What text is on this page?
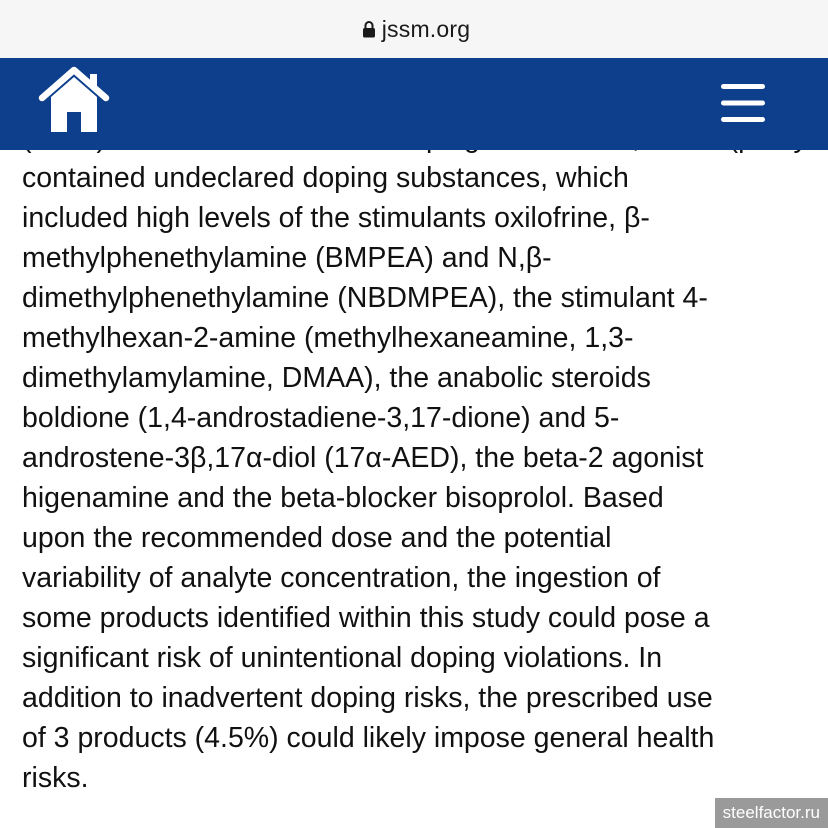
jssm.org

contained undeclared doping substances, which
included high levels of the stimulants oxilofrine, β-
methylphenethylamine (BMPEA) and N,β-
dimethylphenethylamine (NBDMPEA), the stimulant 4-
methylhexan-2-amine (methylhexaneamine, 1,3-
dimethylamylamine, DMAA), the anabolic steroids
boldione (1,4-androstadiene-3,17-dione) and 5-
androstene-3β,17α-diol (17α-AED), the beta-2 agonist
higenamine and the beta-blocker bisoprolol. Based
upon the recommended dose and the potential
variability of analyte concentration, the ingestion of
some products identified within this study could pose a
significant risk of unintentional doping violations. In
addition to inadvertent doping risks, the prescribed use
of 3 products (4.5%) could likely impose general health
risks.

steelfactor.ru
